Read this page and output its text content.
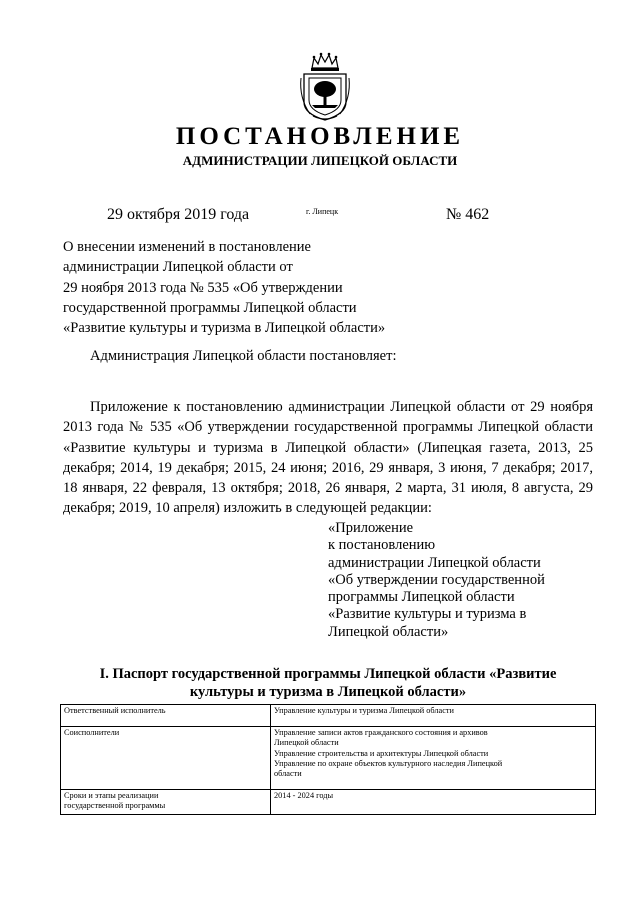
ПОСТАНОВЛЕНИЕ
АДМИНИСТРАЦИИ ЛИПЕЦКОЙ ОБЛАСТИ
29 октября 2019 года	г. Липецк	№ 462
О внесении изменений в постановление
администрации Липецкой области от
29 ноября 2013 года № 535 «Об утверждении
государственной программы Липецкой области
«Развитие культуры и туризма в Липецкой области»
Администрация Липецкой области постановляет:
Приложение к постановлению администрации Липецкой области от 29 ноября 2013 года № 535 «Об утверждении государственной программы Липецкой области «Развитие культуры и туризма в Липецкой области» (Липецкая газета, 2013, 25 декабря; 2014, 19 декабря; 2015, 24 июня; 2016, 29 января, 3 июня, 7 декабря; 2017, 18 января, 22 февраля, 13 октября; 2018, 26 января, 2 марта, 31 июля, 8 августа, 29 декабря; 2019, 10 апреля) изложить в следующей редакции:
«Приложение
к постановлению
администрации Липецкой области
«Об утверждении государственной
программы Липецкой области
«Развитие культуры и туризма в
Липецкой области»
I. Паспорт государственной программы Липецкой области «Развитие
культуры и туризма в Липецкой области»
Ответственный исполнитель	Управление культуры и туризма Липецкой области

Соисполнители	Управление записи актов гражданского состояния и архивов
Липецкой области
Управление строительства и архитектуры Липецкой области
Управление по охране объектов культурного наследия Липецкой
области

Сроки и этапы реализации
государственной программы	2014 - 2024 годы
